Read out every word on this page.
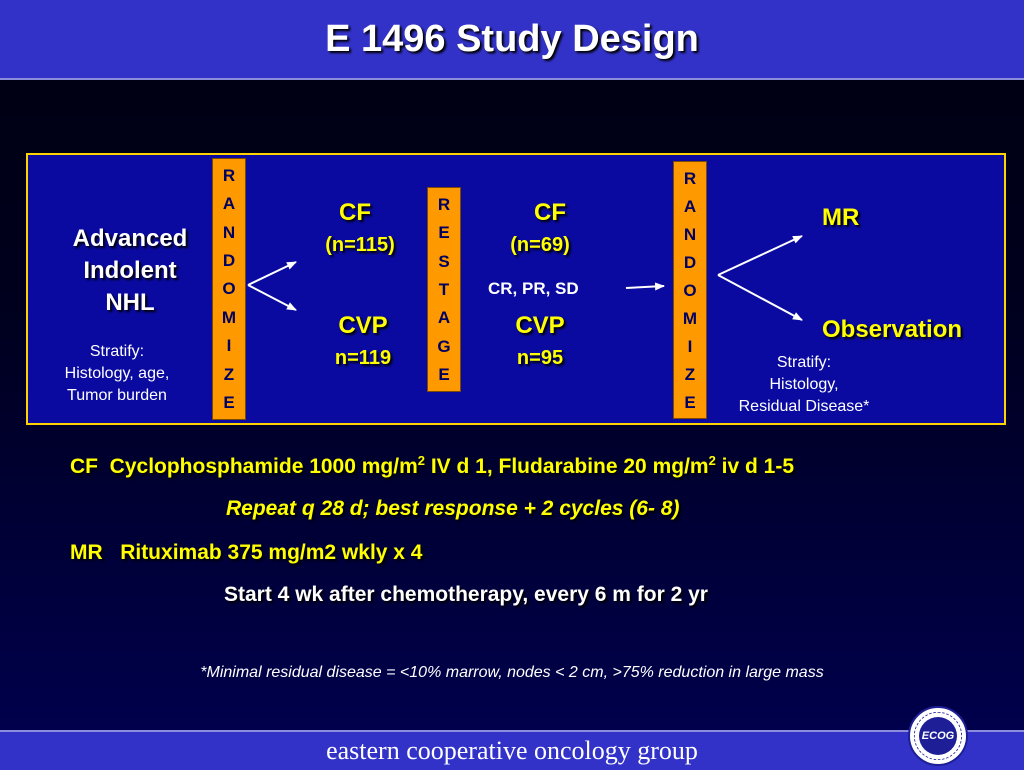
E 1496 Study Design
R
A
N
D
O
M
I
Z
E
R
E
S
T
A
G
E
R
A
N
D
O
M
I
Z
E
Advanced
Indolent
NHL
Stratify:
Histology, age,
Tumor burden
CF
(n=115)
CVP
n=119
CF
(n=69)
CR, PR, SD
CVP
n=95
MR
Observation
Stratify:
Histology,
Residual Disease*
CF Cyclophosphamide 1000 $mg/m^2$ IV d 1, Fludarabine 20 $mg/m^2$ iv d 1-5
Repeat q 28 d; best response + 2 cycles (6- 8)
MR Rituximab 375 mg/m2 wkly x 4
Start 4 wk after chemotherapy, every 6 m for 2 yr
*Minimal residual disease = <10% marrow, nodes < 2 cm, >75% reduction in large mass
eastern cooperative oncology group	ECOG
